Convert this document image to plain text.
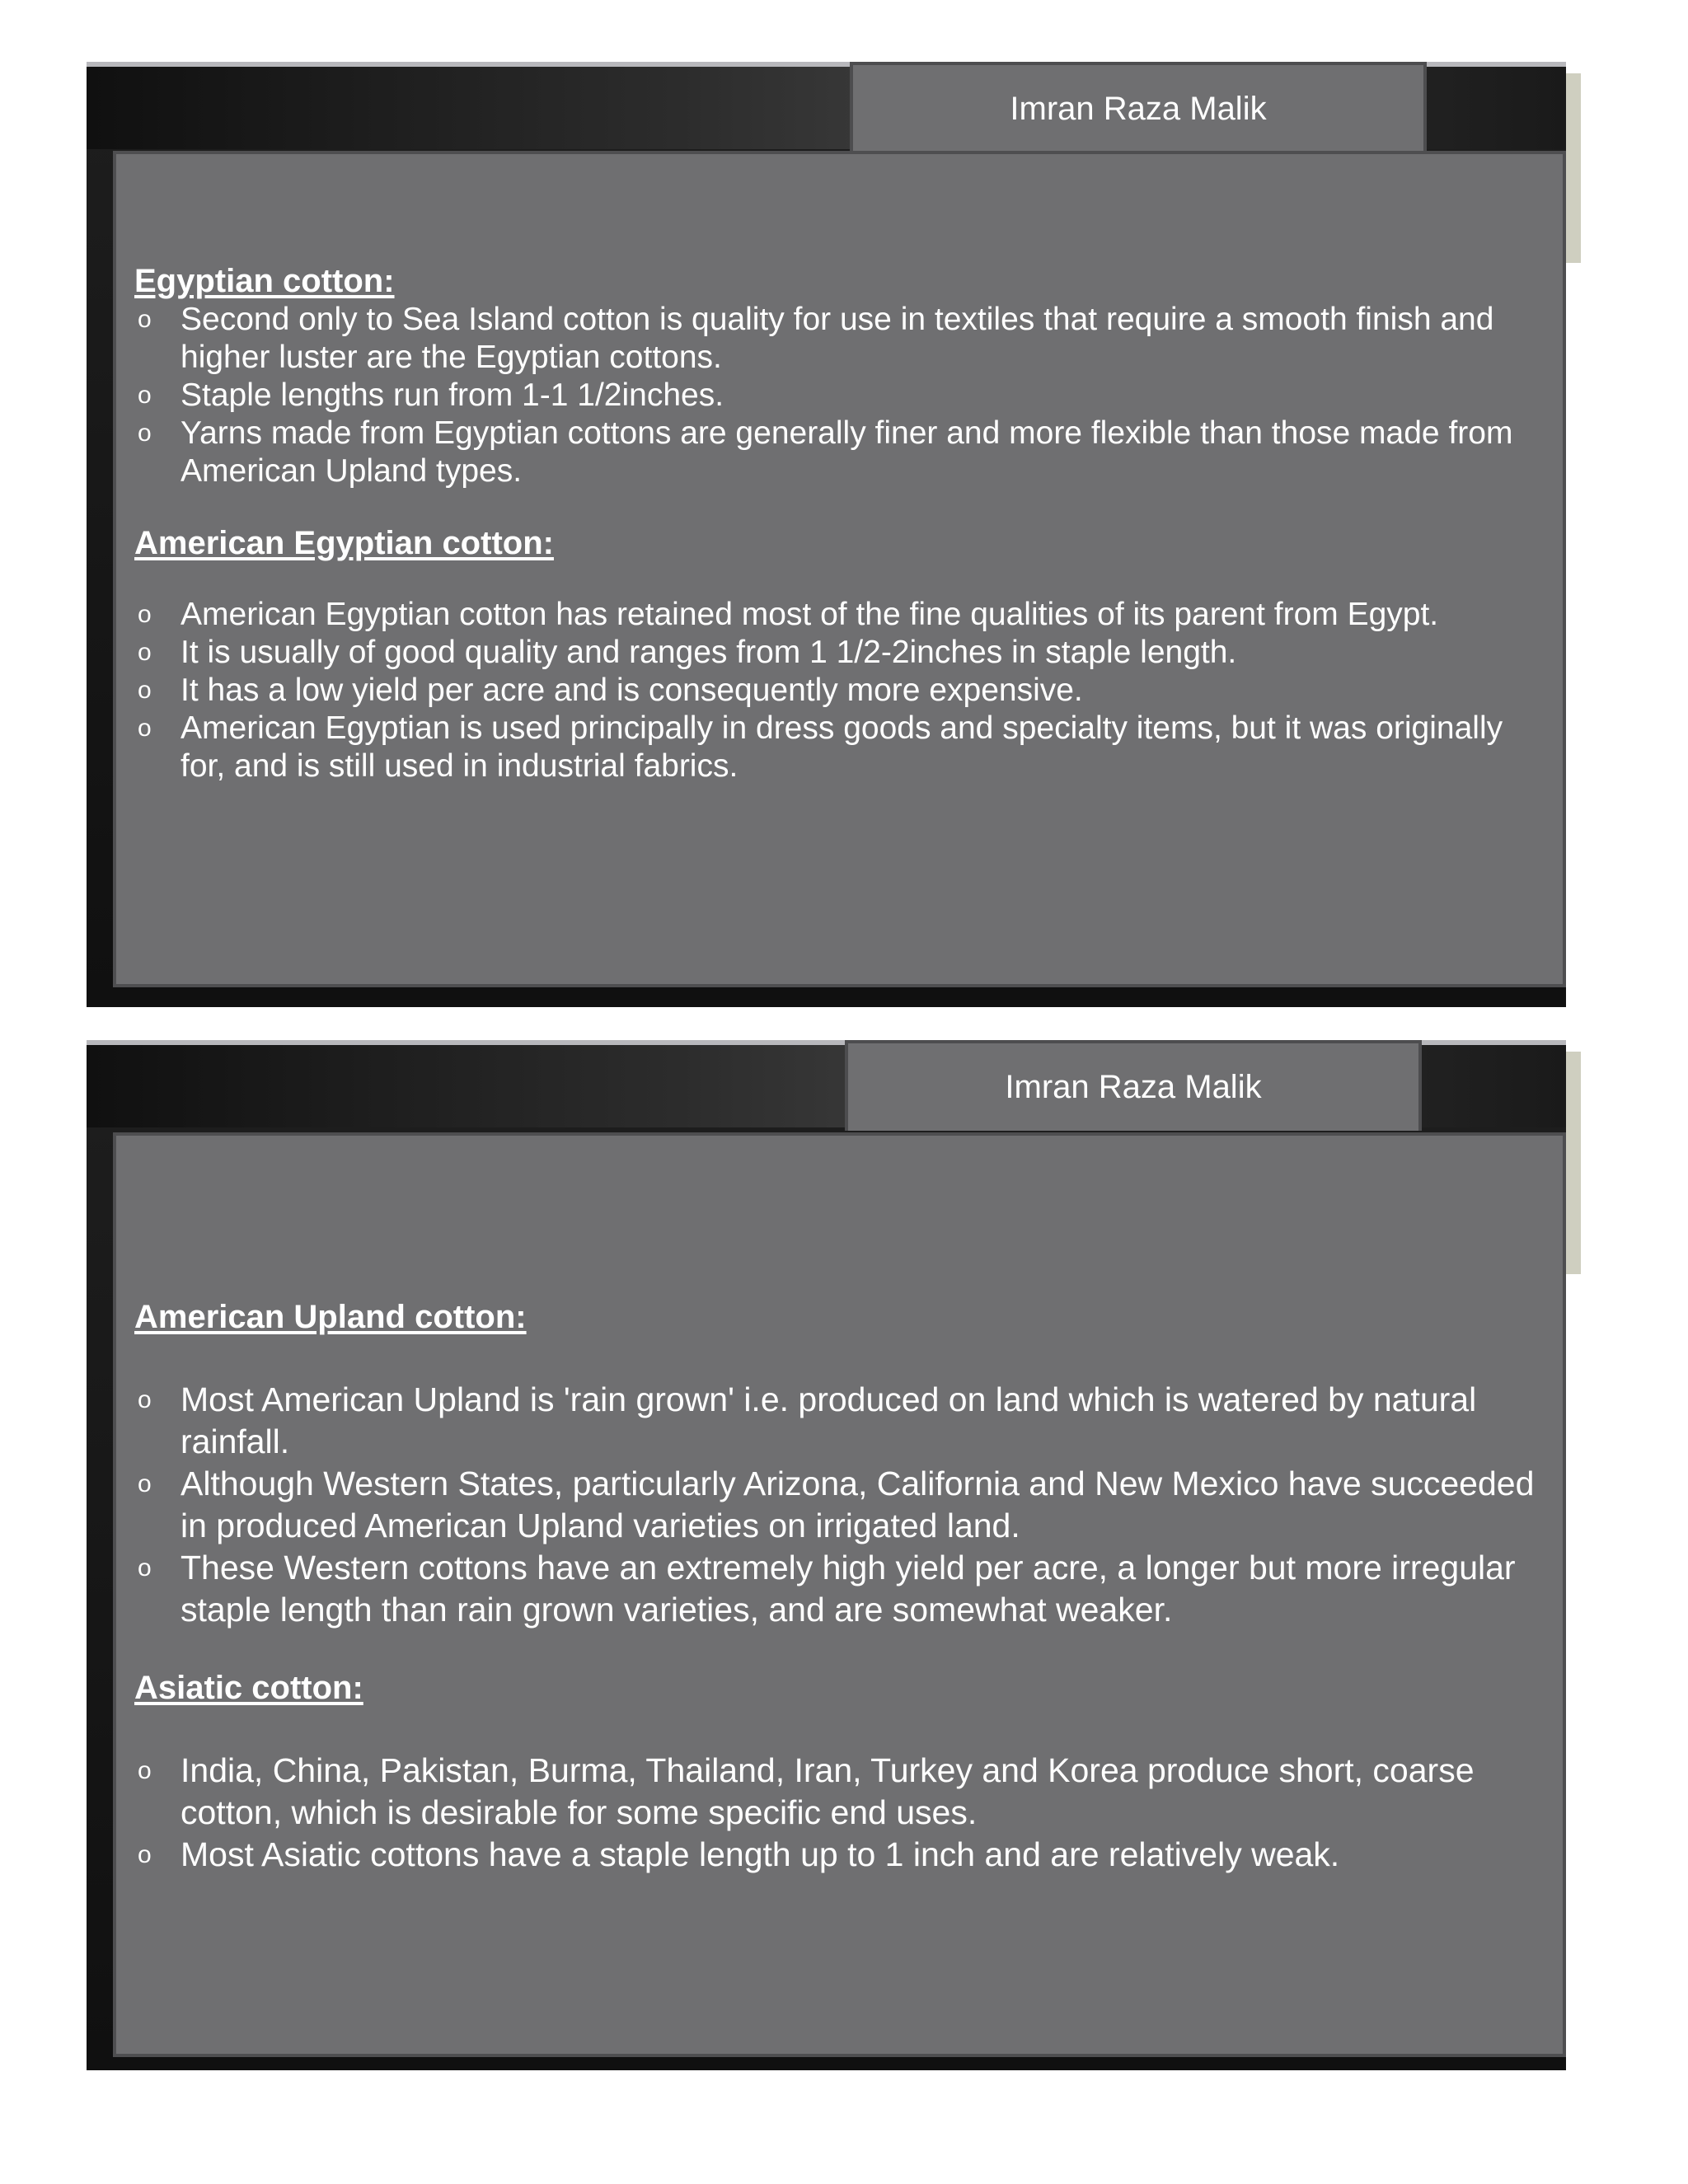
Imran Raza Malik
Egyptian cotton:
o Second only to Sea Island cotton is quality for use in textiles that require a smooth finish and higher luster are the Egyptian cottons.
o Staple lengths run from 1-1 1/2inches.
o Yarns made from Egyptian cottons are generally finer and more flexible than those made from American Upland types.
American Egyptian cotton:
o American Egyptian cotton has retained most of the fine qualities of its parent from Egypt.
o It is usually of good quality and ranges from 1 1/2-2inches in staple length.
o It has a low yield per acre and is consequently more expensive.
o American Egyptian is used principally in dress goods and specialty items, but it was originally for, and is still used in industrial fabrics.
Imran Raza Malik
American Upland cotton:
o Most American Upland is 'rain grown' i.e. produced on land which is watered by natural rainfall.
o Although Western States, particularly Arizona, California and New Mexico have succeeded in produced American Upland varieties on irrigated land.
o These Western cottons have an extremely high yield per acre, a longer but more irregular staple length than rain grown varieties, and are somewhat weaker.
Asiatic cotton:
o India, China, Pakistan, Burma, Thailand, Iran, Turkey and Korea produce short, coarse cotton, which is desirable for some specific end uses.
o Most Asiatic cottons have a staple length up to 1 inch and are relatively weak.
